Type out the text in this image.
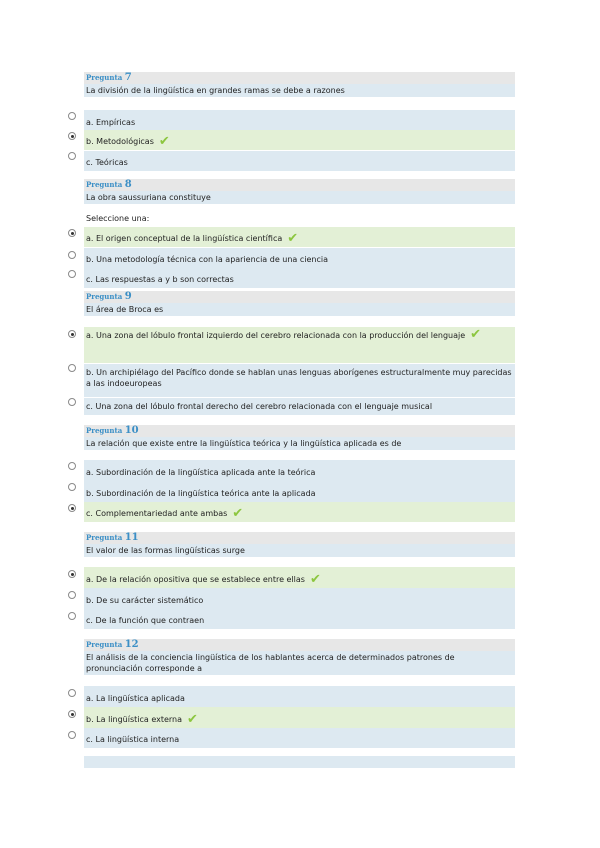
Pregunta 7
La división de la lingüística en grandes ramas se debe a razones
a. Empíricas
b. Metodológicas ✔
c. Teóricas
Pregunta 8
La obra saussuriana constituye
Seleccione una:
a. El origen conceptual de la lingüística científica ✔
b. Una metodología técnica con la apariencia de una ciencia
c. Las respuestas a y b son correctas
Pregunta 9
El área de Broca es
a. Una zona del lóbulo frontal izquierdo del cerebro relacionada con la producción del lenguaje ✔
b. Un archipiélago del Pacífico donde se hablan unas lenguas aborígenes estructuralmente muy parecidas a las indoeuropeas
c. Una zona del lóbulo frontal derecho del cerebro relacionada con el lenguaje musical
Pregunta 10
La relación que existe entre la lingüística teórica y la lingüística aplicada es de
a. Subordinación de la lingüística aplicada ante la teórica
b. Subordinación de la lingüística teórica ante la aplicada
c. Complementariedad ante ambas ✔
Pregunta 11
El valor de las formas lingüísticas surge
a. De la relación opositiva que se establece entre ellas ✔
b. De su carácter sistemático
c. De la función que contraen
Pregunta 12
El análisis de la conciencia lingüística de los hablantes acerca de determinados patrones de pronunciación corresponde a
a. La lingüística aplicada
b. La lingüística externa ✔
c. La lingüística interna
